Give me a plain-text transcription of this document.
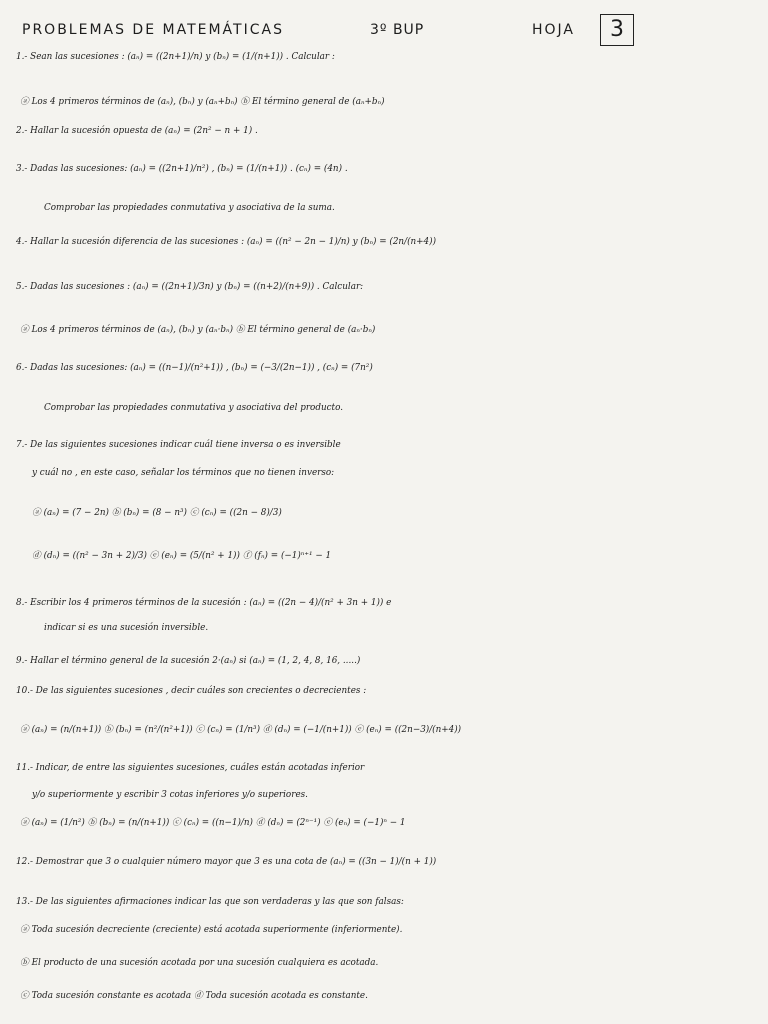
PROBLEMAS DE MATEMÁTICAS	3º BUP	HOJA	3
1.- Sean las sucesiones : (aₙ) = ((2n+1)/n) y (bₙ) = (1/(n+1)) . Calcular :
ⓐ Los 4 primeros términos de (aₙ), (bₙ) y (aₙ+bₙ) ⓑ El término general de (aₙ+bₙ)
2.- Hallar la sucesión opuesta de (aₙ) = (2n² − n + 1) .
3.- Dadas las sucesiones: (aₙ) = ((2n+1)/n²) , (bₙ) = (1/(n+1)) . (cₙ) = (4n) .
Comprobar las propiedades conmutativa y asociativa de la suma.
4.- Hallar la sucesión diferencia de las sucesiones : (aₙ) = ((n² − 2n − 1)/n) y (bₙ) = (2n/(n+4))
5.- Dadas las sucesiones : (aₙ) = ((2n+1)/3n) y (bₙ) = ((n+2)/(n+9)) . Calcular:
ⓐ Los 4 primeros términos de (aₙ), (bₙ) y (aₙ·bₙ) ⓑ El término general de (aₙ·bₙ)
6.- Dadas las sucesiones: (aₙ) = ((n−1)/(n²+1)) , (bₙ) = (−3/(2n−1)) , (cₙ) = (7n²)
Comprobar las propiedades conmutativa y asociativa del producto.
7.- De las siguientes sucesiones indicar cuál tiene inversa o es inversible
y cuál no , en este caso, señalar los términos que no tienen inverso:
ⓐ (aₙ) = (7 − 2n) ⓑ (bₙ) = (8 − n³) ⓒ (cₙ) = ((2n − 8)/3)
ⓓ (dₙ) = ((n² − 3n + 2)/3) ⓔ (eₙ) = (5/(n² + 1)) ⓕ (fₙ) = (−1)ⁿ⁺¹ − 1
8.- Escribir los 4 primeros términos de la sucesión : (aₙ) = ((2n − 4)/(n² + 3n + 1)) e
indicar si es una sucesión inversible.
9.- Hallar el término general de la sucesión 2·(aₙ) si (aₙ) = (1, 2, 4, 8, 16, .....)
10.- De las siguientes sucesiones , decir cuáles son crecientes o decrecientes :
ⓐ (aₙ) = (n/(n+1)) ⓑ (bₙ) = (n²/(n²+1)) ⓒ (cₙ) = (1/n³) ⓓ (dₙ) = (−1/(n+1)) ⓔ (eₙ) = ((2n−3)/(n+4))
11.- Indicar, de entre las siguientes sucesiones, cuáles están acotadas inferior
y/o superiormente y escribir 3 cotas inferiores y/o superiores.
ⓐ (aₙ) = (1/n²) ⓑ (bₙ) = (n/(n+1)) ⓒ (cₙ) = ((n−1)/n) ⓓ (dₙ) = (2ⁿ⁻¹) ⓔ (eₙ) = (−1)ⁿ − 1
12.- Demostrar que 3 o cualquier número mayor que 3 es una cota de (aₙ) = ((3n − 1)/(n + 1))
13.- De las siguientes afirmaciones indicar las que son verdaderas y las que son falsas:
ⓐ Toda sucesión decreciente (creciente) está acotada superiormente (inferiormente).
ⓑ El producto de una sucesión acotada por una sucesión cualquiera es acotada.
ⓒ Toda sucesión constante es acotada ⓓ Toda sucesión acotada es constante.
